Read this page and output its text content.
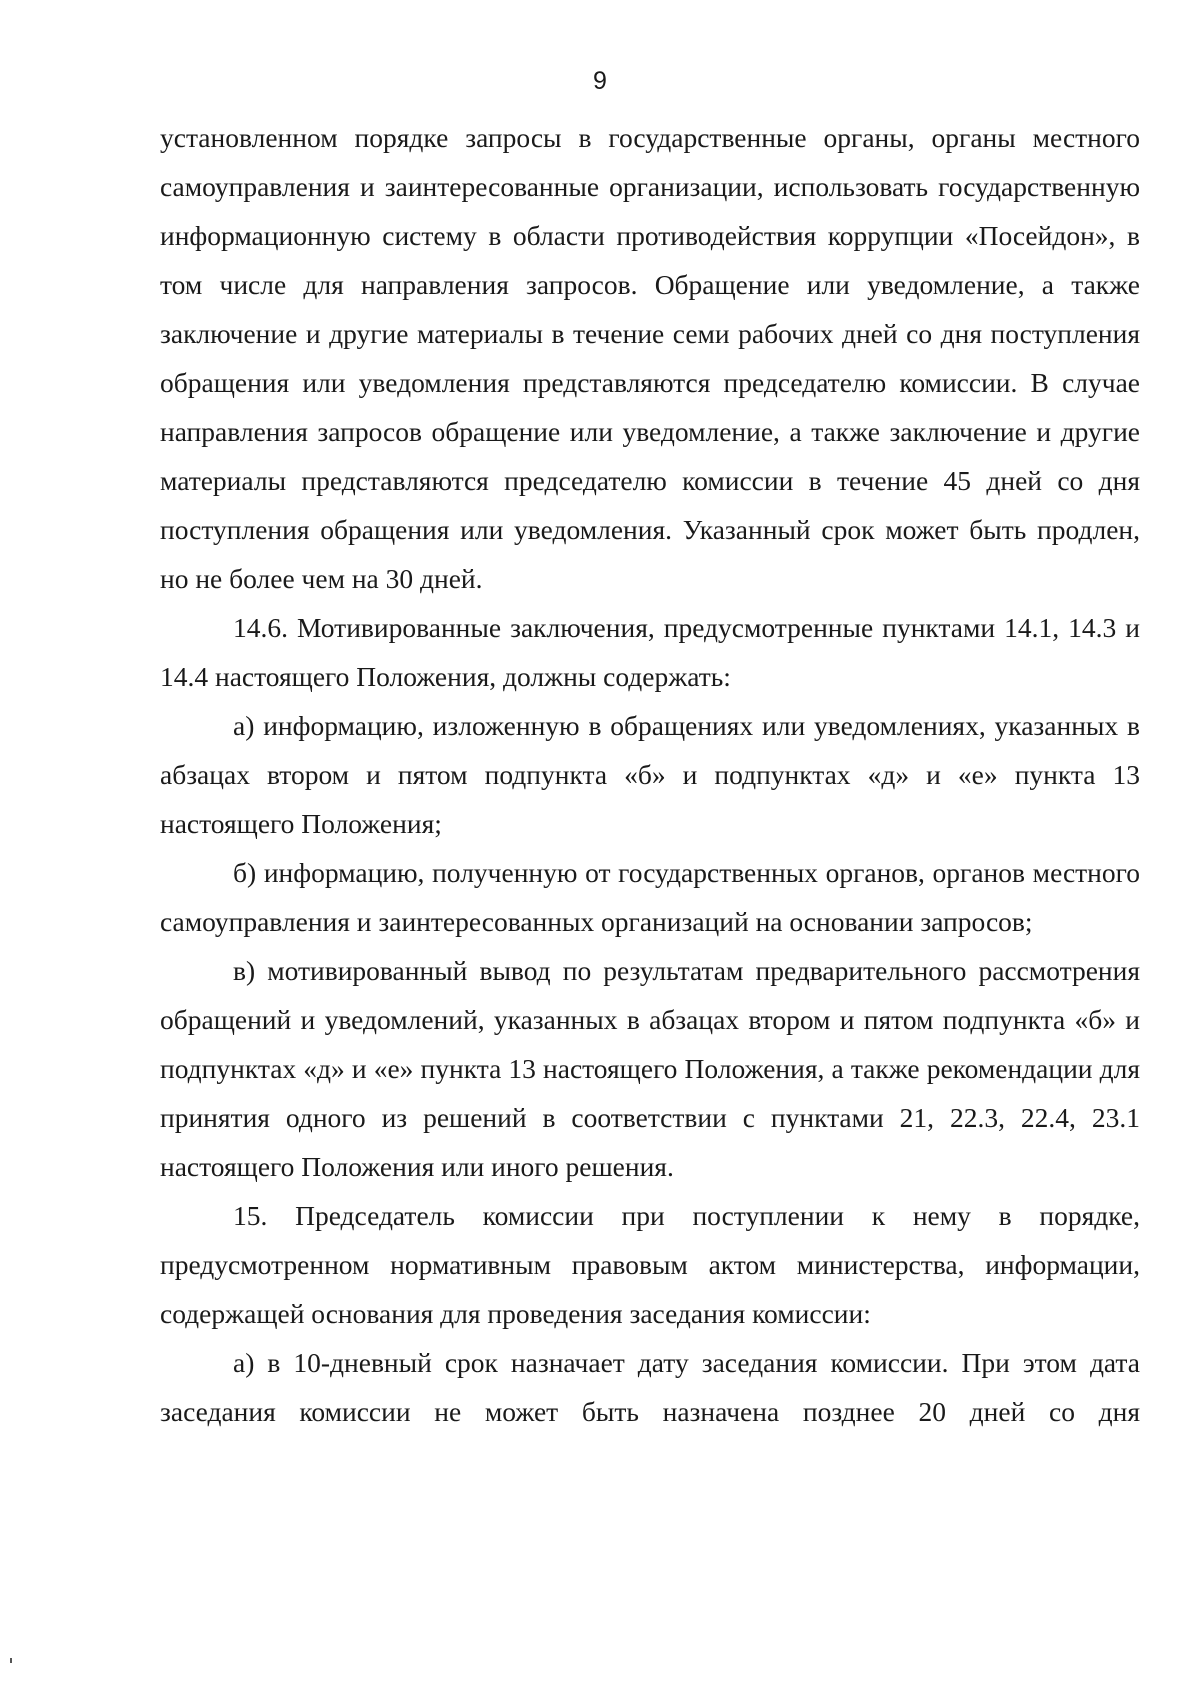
9

установленном порядке запросы в государственные органы, органы местного самоуправления и заинтересованные организации, использовать государственную информационную систему в области противодействия коррупции «Посейдон», в том числе для направления запросов. Обращение или уведомление, а также заключение и другие материалы в течение семи рабочих дней со дня поступления обращения или уведомления представляются председателю комиссии. В случае направления запросов обращение или уведомление, а также заключение и другие материалы представляются председателю комиссии в течение 45 дней со дня поступления обращения или уведомления. Указанный срок может быть продлен, но не более чем на 30 дней.

14.6. Мотивированные заключения, предусмотренные пунктами 14.1, 14.3 и 14.4 настоящего Положения, должны содержать:

а) информацию, изложенную в обращениях или уведомлениях, указанных в абзацах втором и пятом подпункта «б» и подпунктах «д» и «е» пункта 13 настоящего Положения;

б) информацию, полученную от государственных органов, органов местного самоуправления и заинтересованных организаций на основании запросов;

в) мотивированный вывод по результатам предварительного рассмотрения обращений и уведомлений, указанных в абзацах втором и пятом подпункта «б» и подпунктах «д» и «е» пункта 13 настоящего Положения, а также рекомендации для принятия одного из решений в соответствии с пунктами 21, 22.3, 22.4, 23.1 настоящего Положения или иного решения.

15. Председатель комиссии при поступлении к нему в порядке, предусмотренном нормативным правовым актом министерства, информации, содержащей основания для проведения заседания комиссии:

а) в 10-дневный срок назначает дату заседания комиссии. При этом дата заседания комиссии не может быть назначена позднее 20 дней со дня
